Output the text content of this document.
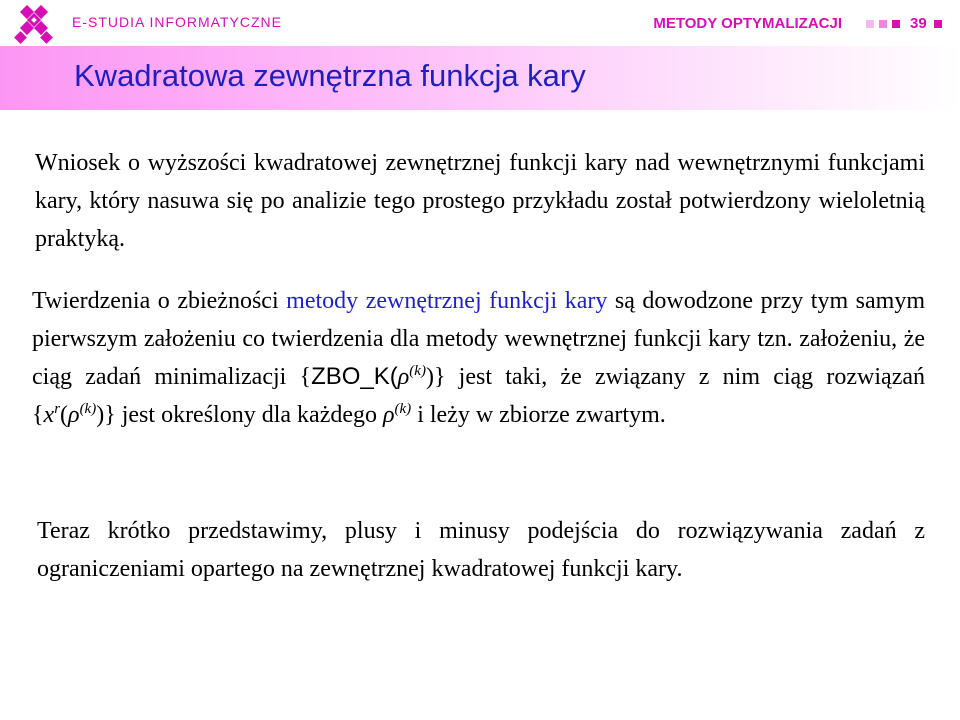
E-STUDIA INFORMATYCZNE	METODY OPTYMALIZACJI	39
Kwadratowa zewnętrzna funkcja kary

Wniosek o wyższości kwadratowej zewnętrznej funkcji kary nad wewnętrznymi funkcjami kary, który nasuwa się po analizie tego prostego przykładu został potwierdzony wieloletnią praktyką.

Twierdzenia o zbieżności metody zewnętrznej funkcji kary są dowodzone przy tym samym pierwszym założeniu co twierdzenia dla metody wewnętrznej funkcji kary tzn. założeniu, że ciąg zadań minimalizacji $\{ZBO\_K(\rho^{(k)})\}$ jest taki, że związany z nim ciąg rozwiązań $\{x^r(\rho^{(k)})\}$ jest określony dla każdego $\rho^{(k)}$ i leży w zbiorze zwartym.

Teraz krótko przedstawimy, plusy i minusy podejścia do rozwiązywania zadań z ograniczeniami opartego na zewnętrznej kwadratowej funkcji kary.
